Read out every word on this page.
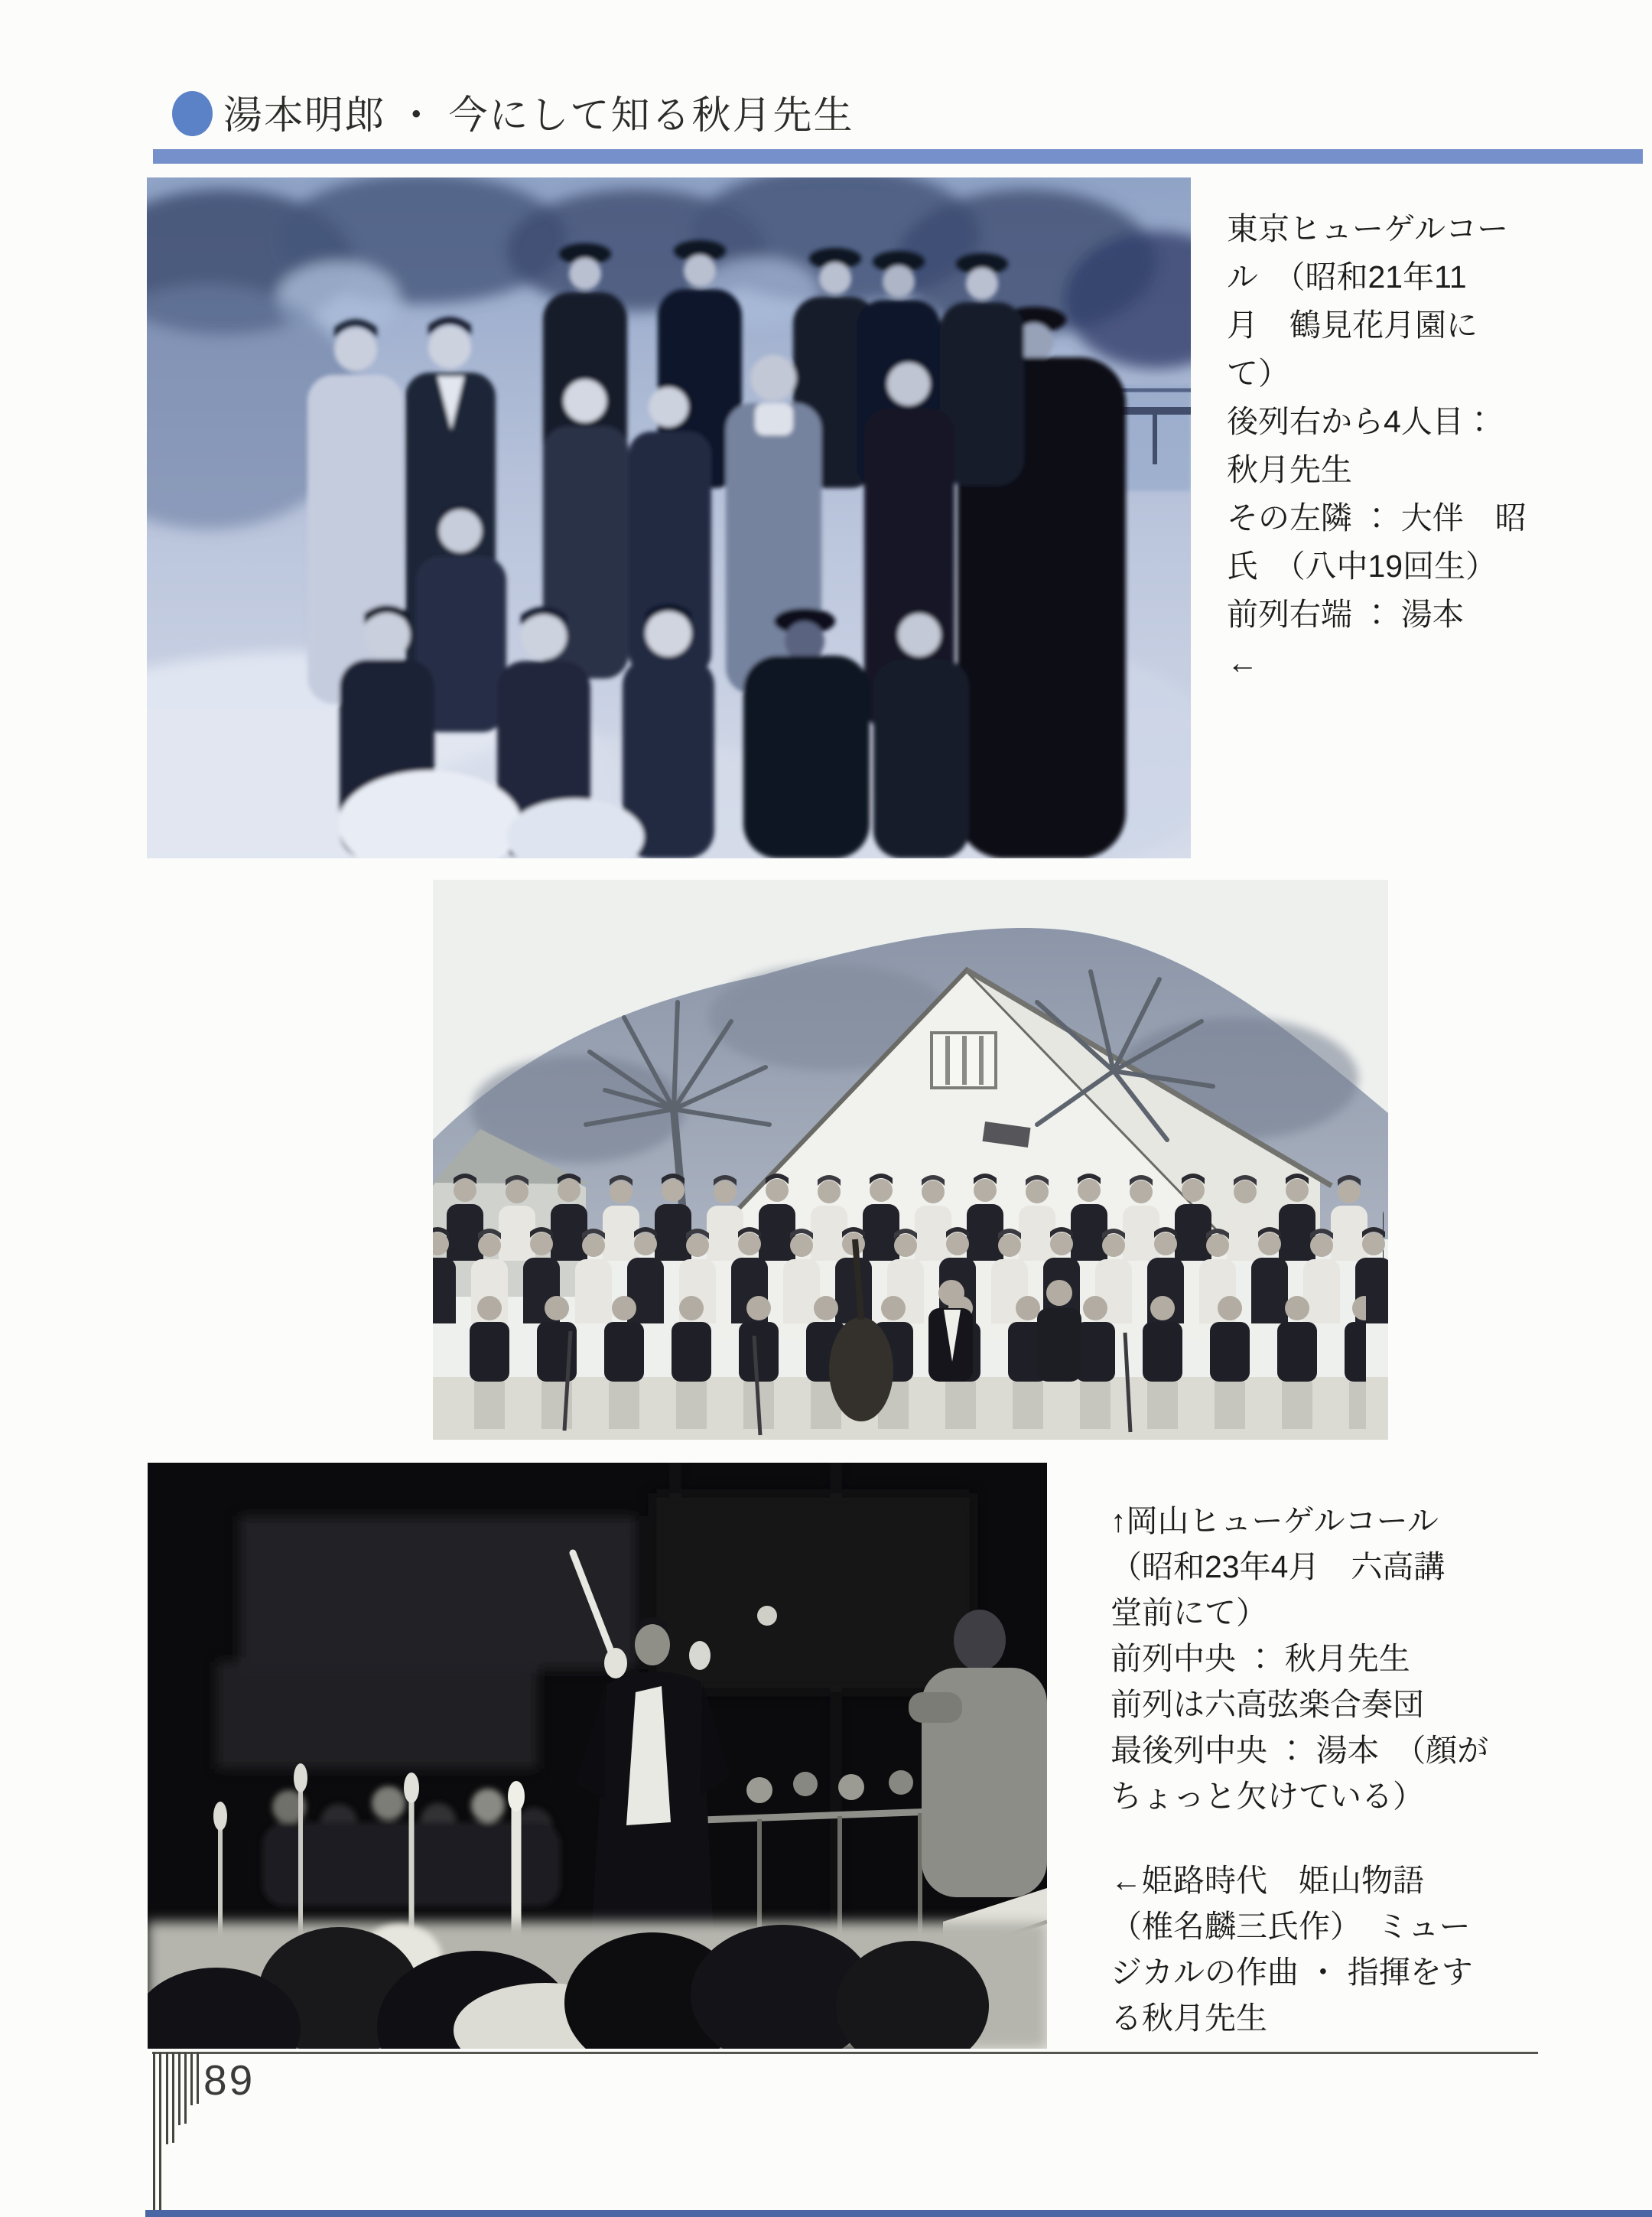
湯本明郎 ・ 今にして知る秋月先生
東京ヒューゲルコー
ル　（昭和21年11
月　鶴見花月園に
て）
後列右から4人目：
秋月先生
その左隣 ： 大伴　昭
氏　（八中19回生）
前列右端 ： 湯本
←
↑岡山ヒューゲルコール
（昭和23年4月　六高講
堂前にて）
前列中央 ： 秋月先生
前列は六高弦楽合奏団
最後列中央 ： 湯本　（顔が
ちょっと欠けている）
←姫路時代　姫山物語
（椎名麟三氏作）　ミュー
ジカルの作曲 ・ 指揮をす
る秋月先生
89
